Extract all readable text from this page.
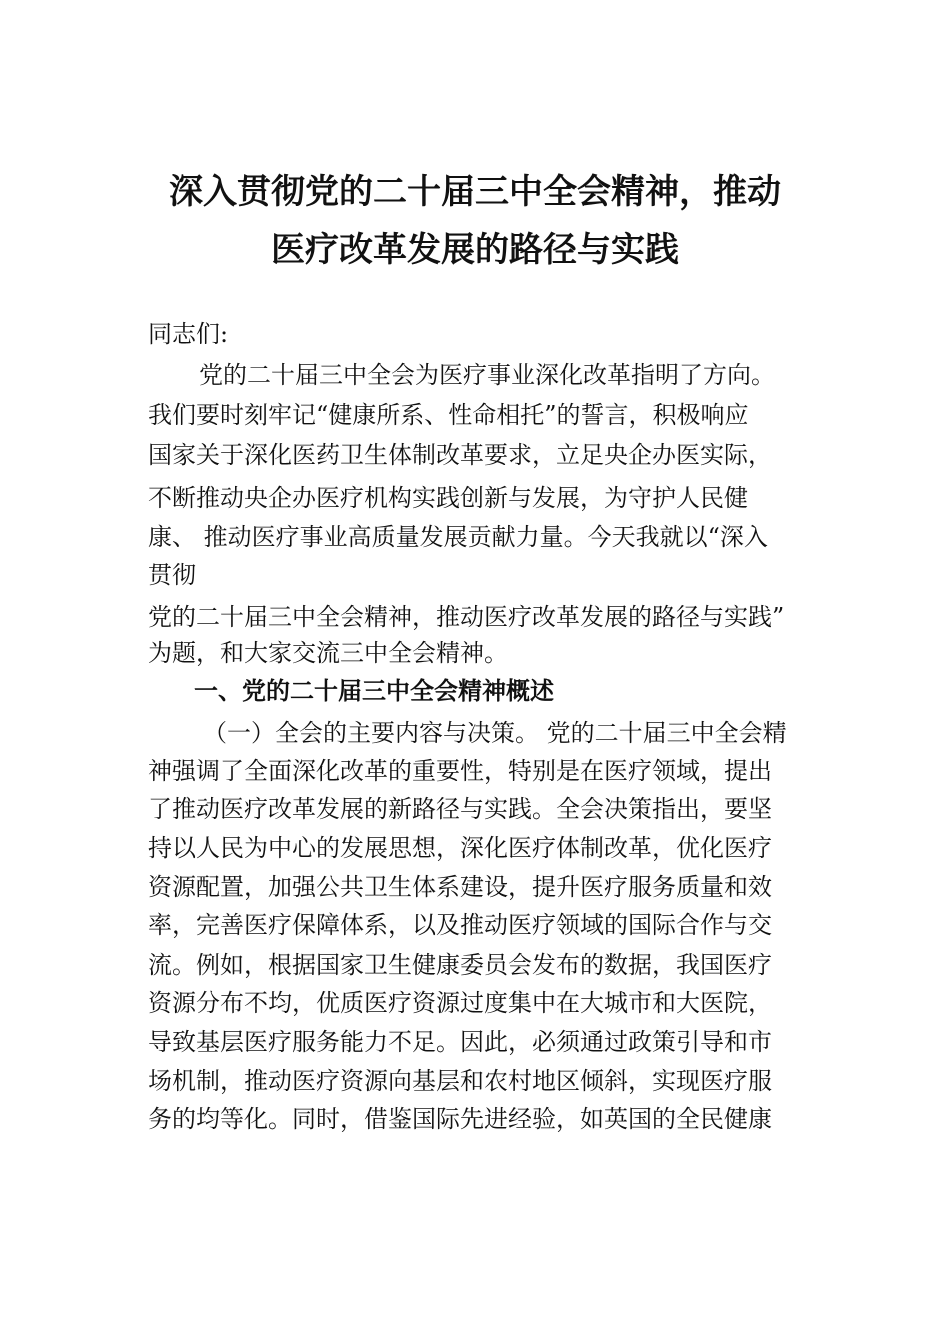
深入贯彻党的二十届三中全会精神，推动
医疗改革发展的路径与实践
同志们:
党的二十届三中全会为医疗事业深化改革指明了方向。
我们要时刻牢记“健康所系、性命相托”的誓言，积极响应
国家关于深化医药卫生体制改革要求，立足央企办医实际，
不断推动央企办医疗机构实践创新与发展，为守护人民健
康、 推动医疗事业高质量发展贡献力量。今天我就以“深入
贯彻
党的二十届三中全会精神，推动医疗改革发展的路径与实践”
为题，和大家交流三中全会精神。
一、党的二十届三中全会精神概述
（一）全会的主要内容与决策。 党的二十届三中全会精
神强调了全面深化改革的重要性，特别是在医疗领域，提出
了推动医疗改革发展的新路径与实践。全会决策指出，要坚
持以人民为中心的发展思想，深化医疗体制改革，优化医疗
资源配置，加强公共卫生体系建设，提升医疗服务质量和效
率，完善医疗保障体系，以及推动医疗领域的国际合作与交
流。例如，根据国家卫生健康委员会发布的数据，我国医疗
资源分布不均，优质医疗资源过度集中在大城市和大医院，
导致基层医疗服务能力不足。因此，必须通过政策引导和市
场机制，推动医疗资源向基层和农村地区倾斜，实现医疗服
务的均等化。同时，借鉴国际先进经验，如英国的全民健康
